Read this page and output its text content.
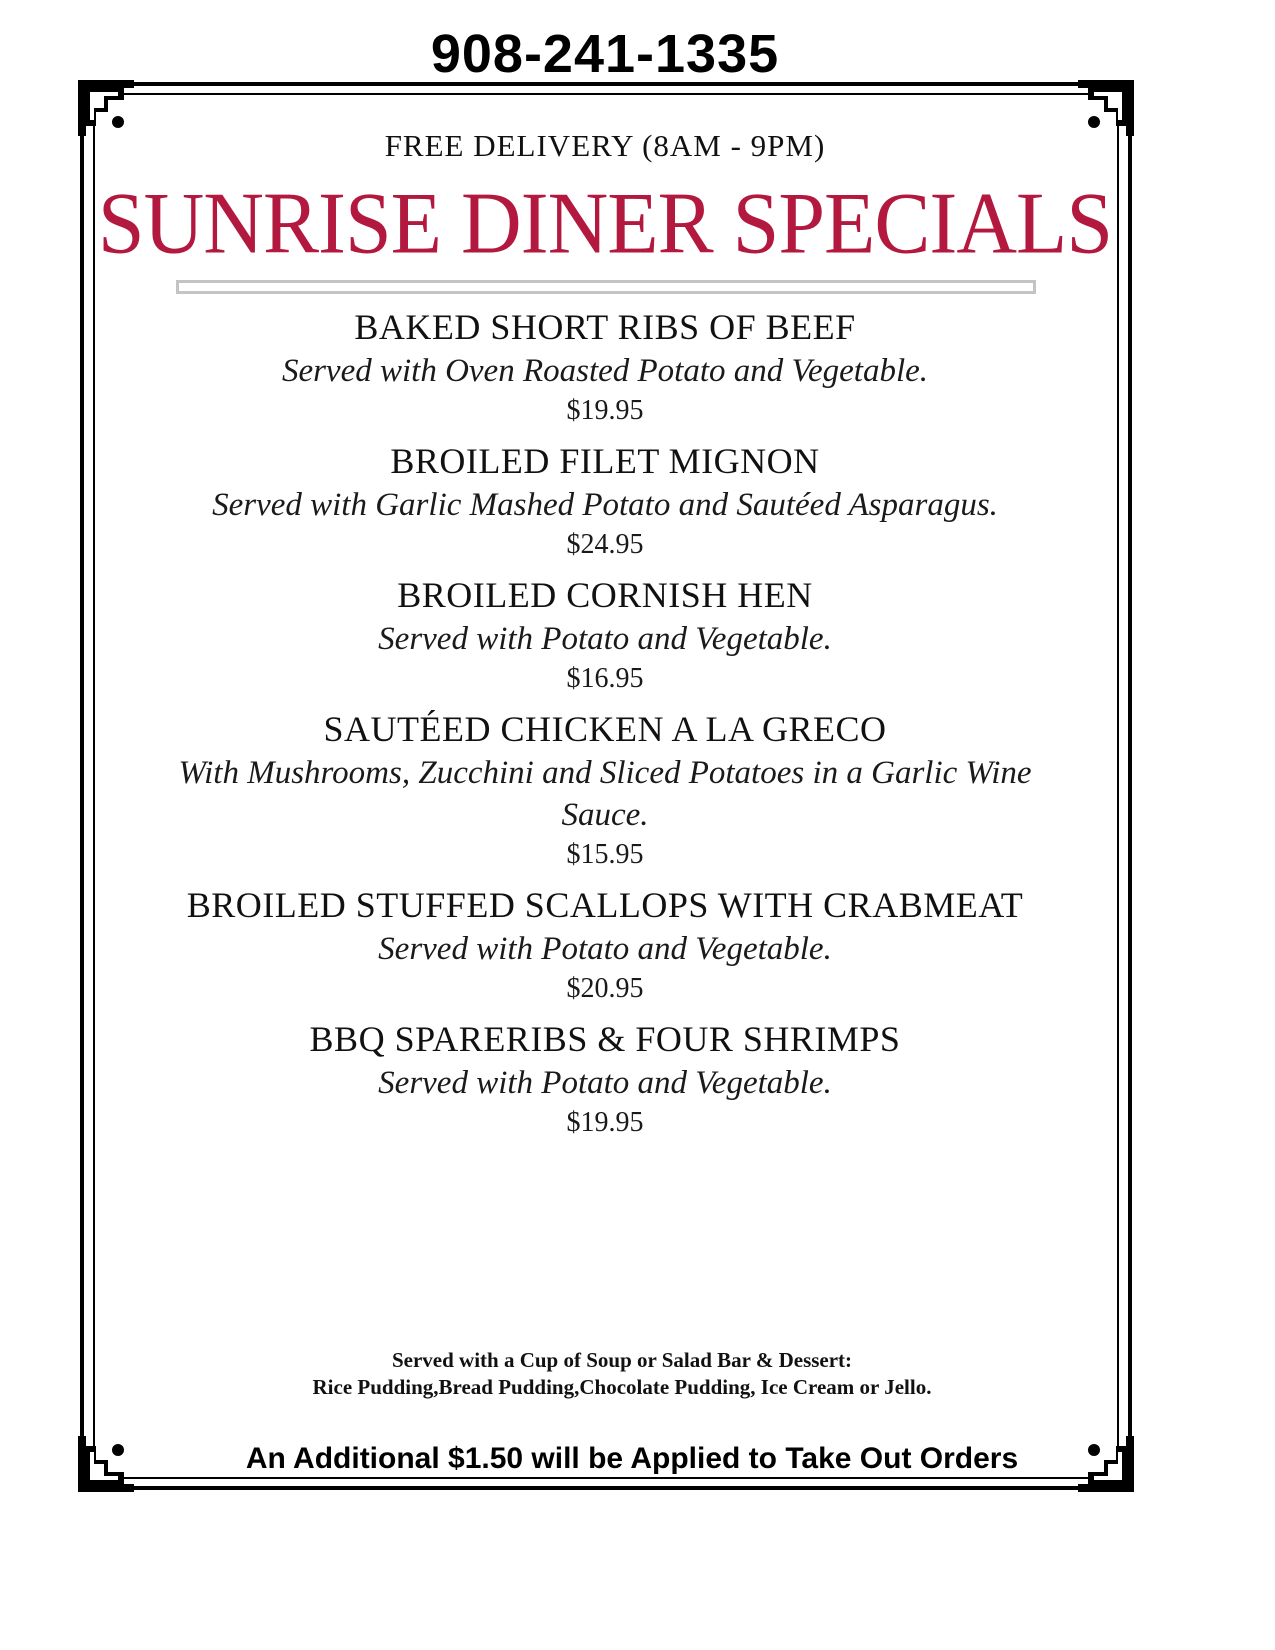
908-241-1335
FREE DELIVERY (8AM - 9PM)
SUNRISE DINER SPECIALS
BAKED SHORT RIBS OF BEEF
Served with Oven Roasted Potato and Vegetable.
$19.95
BROILED FILET MIGNON
Served with Garlic Mashed Potato and Sautéed Asparagus.
$24.95
BROILED CORNISH HEN
Served with Potato and Vegetable.
$16.95
SAUTÉED CHICKEN A LA GRECO
With Mushrooms, Zucchini and Sliced Potatoes in a Garlic Wine Sauce.
$15.95
BROILED STUFFED SCALLOPS WITH CRABMEAT
Served with Potato and Vegetable.
$20.95
BBQ SPARERIBS & FOUR SHRIMPS
Served with Potato and Vegetable.
$19.95
Served with a Cup of Soup or Salad Bar & Dessert:
Rice Pudding,Bread Pudding,Chocolate Pudding, Ice Cream or Jello.
An Additional $1.50 will be Applied to Take Out Orders
